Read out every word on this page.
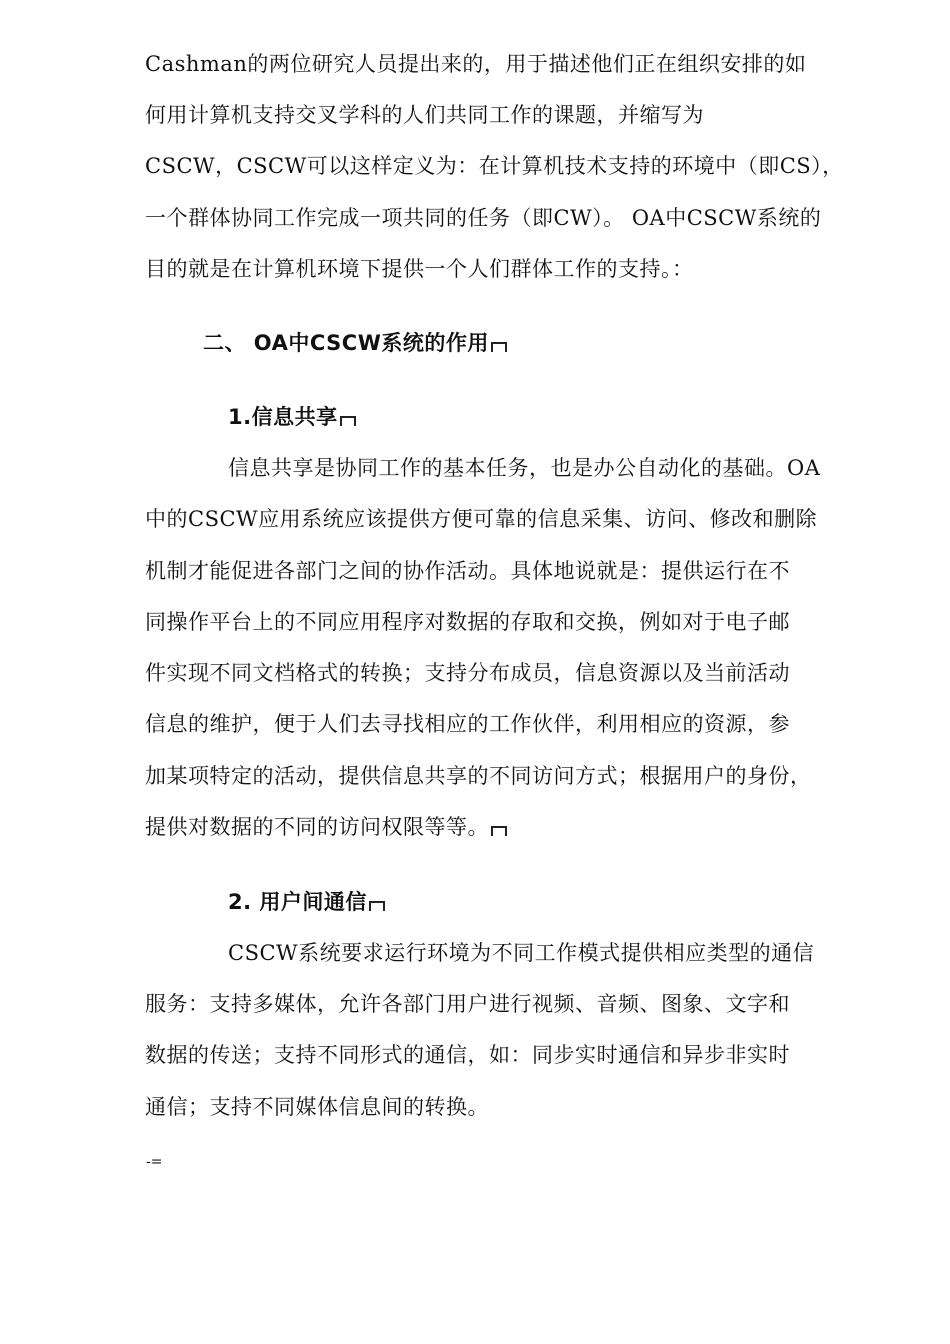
Cashman的两位研究人员提出来的，用于描述他们正在组织安排的如
何用计算机支持交叉学科的人们共同工作的课题，并缩写为
CSCW，CSCW可以这样定义为：在计算机技术支持的环境中（即CS），
一个群体协同工作完成一项共同的任务（即CW）。 OA中CSCW系统的
目的就是在计算机环境下提供一个人们群体工作的支持。：
二、 OA中CSCW系统的作用
1.信息共享
信息共享是协同工作的基本任务，也是办公自动化的基础。OA
中的CSCW应用系统应该提供方便可靠的信息采集、访问、修改和删除
机制才能促进各部门之间的协作活动。具体地说就是：提供运行在不
同操作平台上的不同应用程序对数据的存取和交换，例如对于电子邮
件实现不同文档格式的转换；支持分布成员，信息资源以及当前活动
信息的维护，便于人们去寻找相应的工作伙伴，利用相应的资源，参
加某项特定的活动，提供信息共享的不同访问方式；根据用户的身份，
提供对数据的不同的访问权限等等。
2. 用户间通信
CSCW系统要求运行环境为不同工作模式提供相应类型的通信
服务：支持多媒体，允许各部门用户进行视频、音频、图象、文字和
数据的传送；支持不同形式的通信，如：同步实时通信和异步非实时
通信；支持不同媒体信息间的转换。
-=
